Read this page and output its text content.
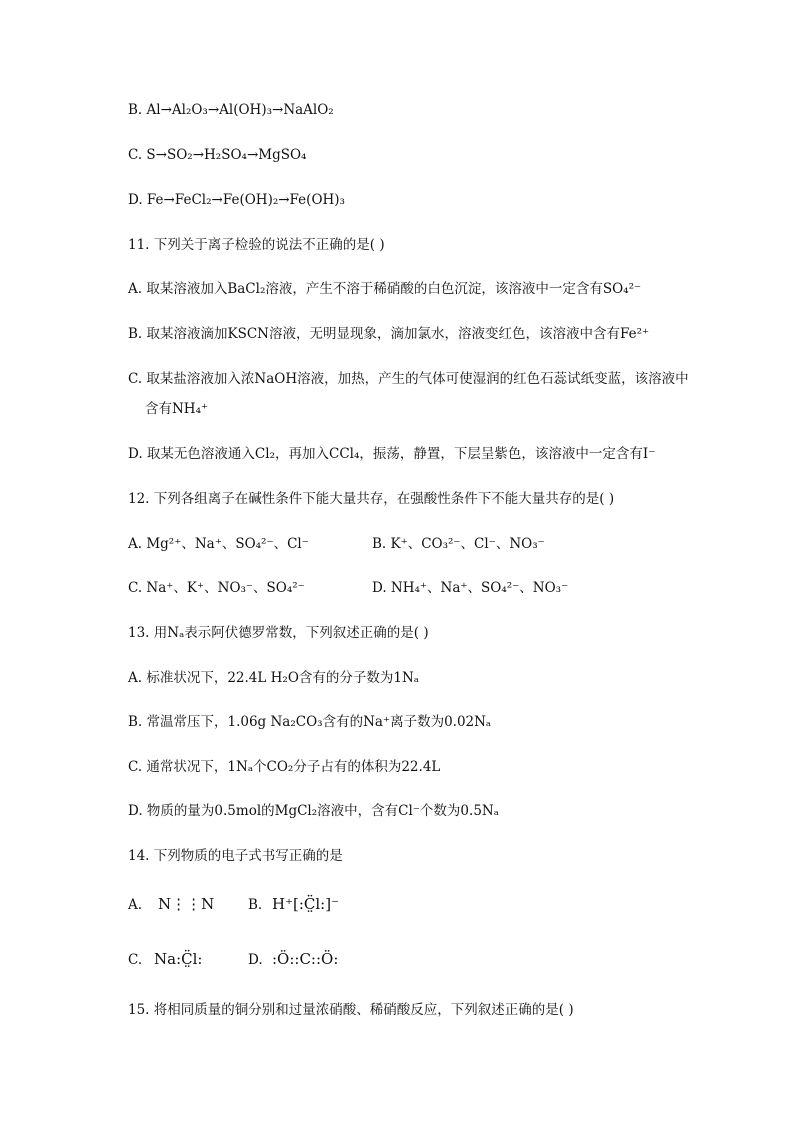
B. Al→Al₂O₃→Al(OH)₃→NaAlO₂
C. S→SO₂→H₂SO₄→MgSO₄
D. Fe→FeCl₂→Fe(OH)₂→Fe(OH)₃
11. 下列关于离子检验的说法不正确的是( )
A. 取某溶液加入BaCl₂溶液，产生不溶于稀硝酸的白色沉淀，该溶液中一定含有SO₄²⁻
B. 取某溶液滴加KSCN溶液，无明显现象，滴加氯水，溶液变红色，该溶液中含有Fe²⁺
C. 取某盐溶液加入浓NaOH溶液，加热，产生的气体可使湿润的红色石蕊试纸变蓝，该溶液中
含有NH₄⁺
D. 取某无色溶液通入Cl₂，再加入CCl₄，振荡，静置，下层呈紫色，该溶液中一定含有I⁻
12. 下列各组离子在碱性条件下能大量共存，在强酸性条件下不能大量共存的是( )
A. Mg²⁺、Na⁺、SO₄²⁻、Cl⁻	B. K⁺、CO₃²⁻、Cl⁻、NO₃⁻
C. Na⁺、K⁺、NO₃⁻、SO₄²⁻	D. NH₄⁺、Na⁺、SO₄²⁻、NO₃⁻
13. 用Nₐ表示阿伏德罗常数，下列叙述正确的是( )
A. 标准状况下，22.4L H₂O含有的分子数为1Nₐ
B. 常温常压下，1.06g Na₂CO₃含有的Na⁺离子数为0.02Nₐ
C. 通常状况下，1Nₐ个CO₂分子占有的体积为22.4L
D. 物质的量为0.5mol的MgCl₂溶液中，含有Cl⁻个数为0.5Nₐ
14. 下列物质的电子式书写正确的是
A. N⋮⋮N	B. H⁺[:C̤̈l:]⁻
C. Na:C̤̈l:	D. :Ö::C::Ö:
15. 将相同质量的铜分别和过量浓硝酸、稀硝酸反应，下列叙述正确的是( )
